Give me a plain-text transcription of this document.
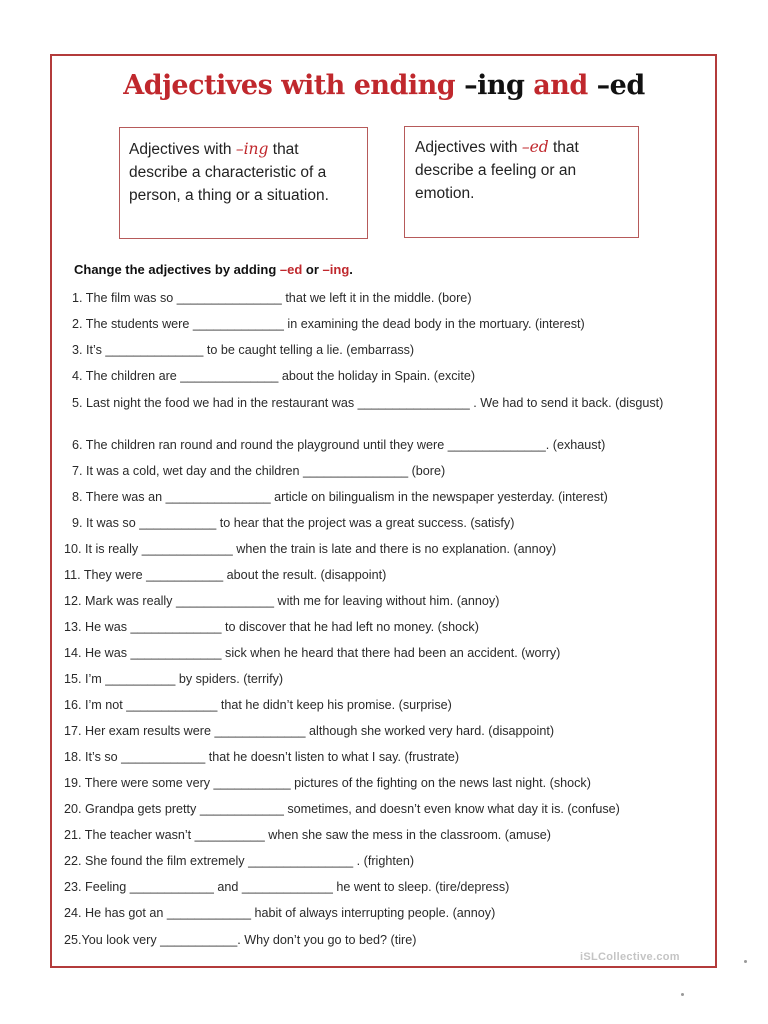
Adjectives with ending –ing and –ed
Adjectives with –ing that describe a characteristic of a person, a thing or a situation.
Adjectives with –ed that describe a feeling or an emotion.
Change the adjectives by adding –ed or –ing.
1. The film was so _______________ that we left it in the middle. (bore)
2. The students were _____________ in examining the dead body in the mortuary. (interest)
3. It’s ______________ to be caught telling a lie. (embarrass)
4. The children are ______________ about the holiday in Spain. (excite)
5. Last night the food we had in the restaurant was ________________ . We had to send it back. (disgust)
6. The children ran round and round the playground until they were ______________. (exhaust)
7. It was a cold, wet day and the children _______________ (bore)
8. There was an _______________ article on bilingualism in the newspaper yesterday. (interest)
9. It was so ___________ to hear that the project was a great success. (satisfy)
10. It is really _____________ when the train is late and there is no explanation. (annoy)
11. They were ___________ about the result. (disappoint)
12. Mark was really ______________ with me for leaving without him. (annoy)
13. He was _____________ to discover that he had left no money. (shock)
14. He was _____________ sick when he heard that there had been an accident. (worry)
15. I’m __________ by spiders. (terrify)
16. I’m not _____________ that he didn’t keep his promise. (surprise)
17. Her exam results were _____________ although she worked very hard. (disappoint)
18. It’s so ____________ that he doesn’t listen to what I say. (frustrate)
19. There were some very ___________ pictures of the fighting on the news last night. (shock)
20. Grandpa gets pretty ____________ sometimes, and doesn’t even know what day it is. (confuse)
21. The teacher wasn’t __________ when she saw the mess in the classroom. (amuse)
22. She found the film extremely _______________ . (frighten)
23. Feeling ____________ and _____________ he went to sleep. (tire/depress)
24. He has got an ____________ habit of always interrupting people. (annoy)
25.You look very ___________. Why don’t you go to bed? (tire)
iSLCollective.com
